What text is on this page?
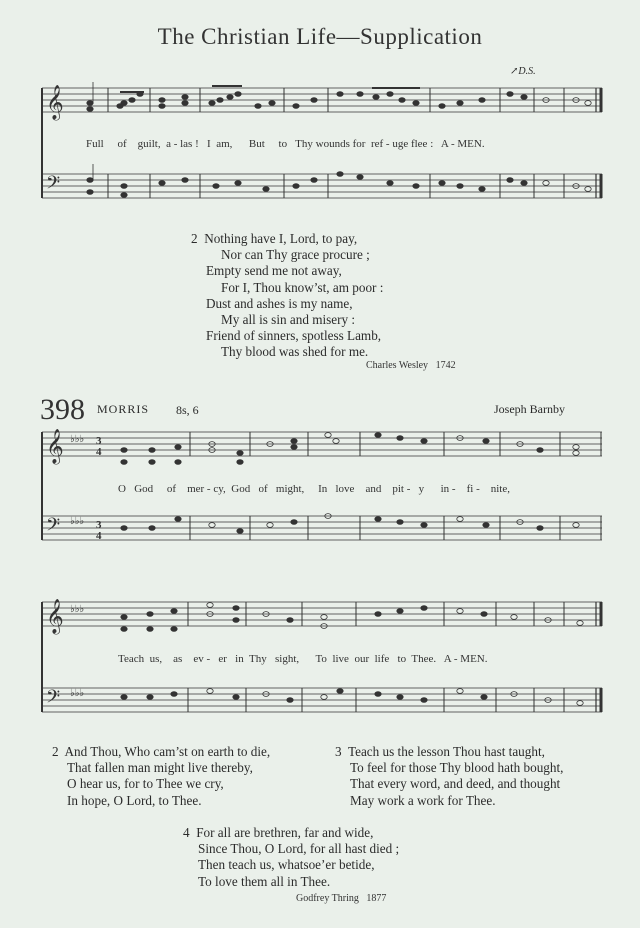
The Christian Life—Supplication
↗D.S.
𝄞
𝄢
Full of guilt, a - las ! I am, But to Thy wounds for ref - uge flee : A - MEN.
2 Nothing have I, Lord, to pay,
Nor can Thy grace procure ;
Empty send me not away,
For I, Thou know’st, am poor :
Dust and ashes is my name,
My all is sin and misery :
Friend of sinners, spotless Lamb,
Thy blood was shed for me.
Charles Wesley 1742
398 MORRIS 8s, 6	Joseph Barnby
𝄞
𝄢
♭♭♭
♭♭♭
3
4
3
4
O God of mer - cy, God of might, In love and pit - y in - fi - nite,
𝄞
𝄢
♭♭♭
♭♭♭
Teach us, as ev - er in Thy sight, To live our life to Thee. A - MEN.
2 And Thou, Who cam’st on earth to die,
That fallen man might live thereby,
O hear us, for to Thee we cry,
In hope, O Lord, to Thee.
3 Teach us the lesson Thou hast taught,
To feel for those Thy blood hath bought,
That every word, and deed, and thought
May work a work for Thee.
4 For all are brethren, far and wide,
Since Thou, O Lord, for all hast died ;
Then teach us, whatsoe’er betide,
To love them all in Thee.
Godfrey Thring 1877
